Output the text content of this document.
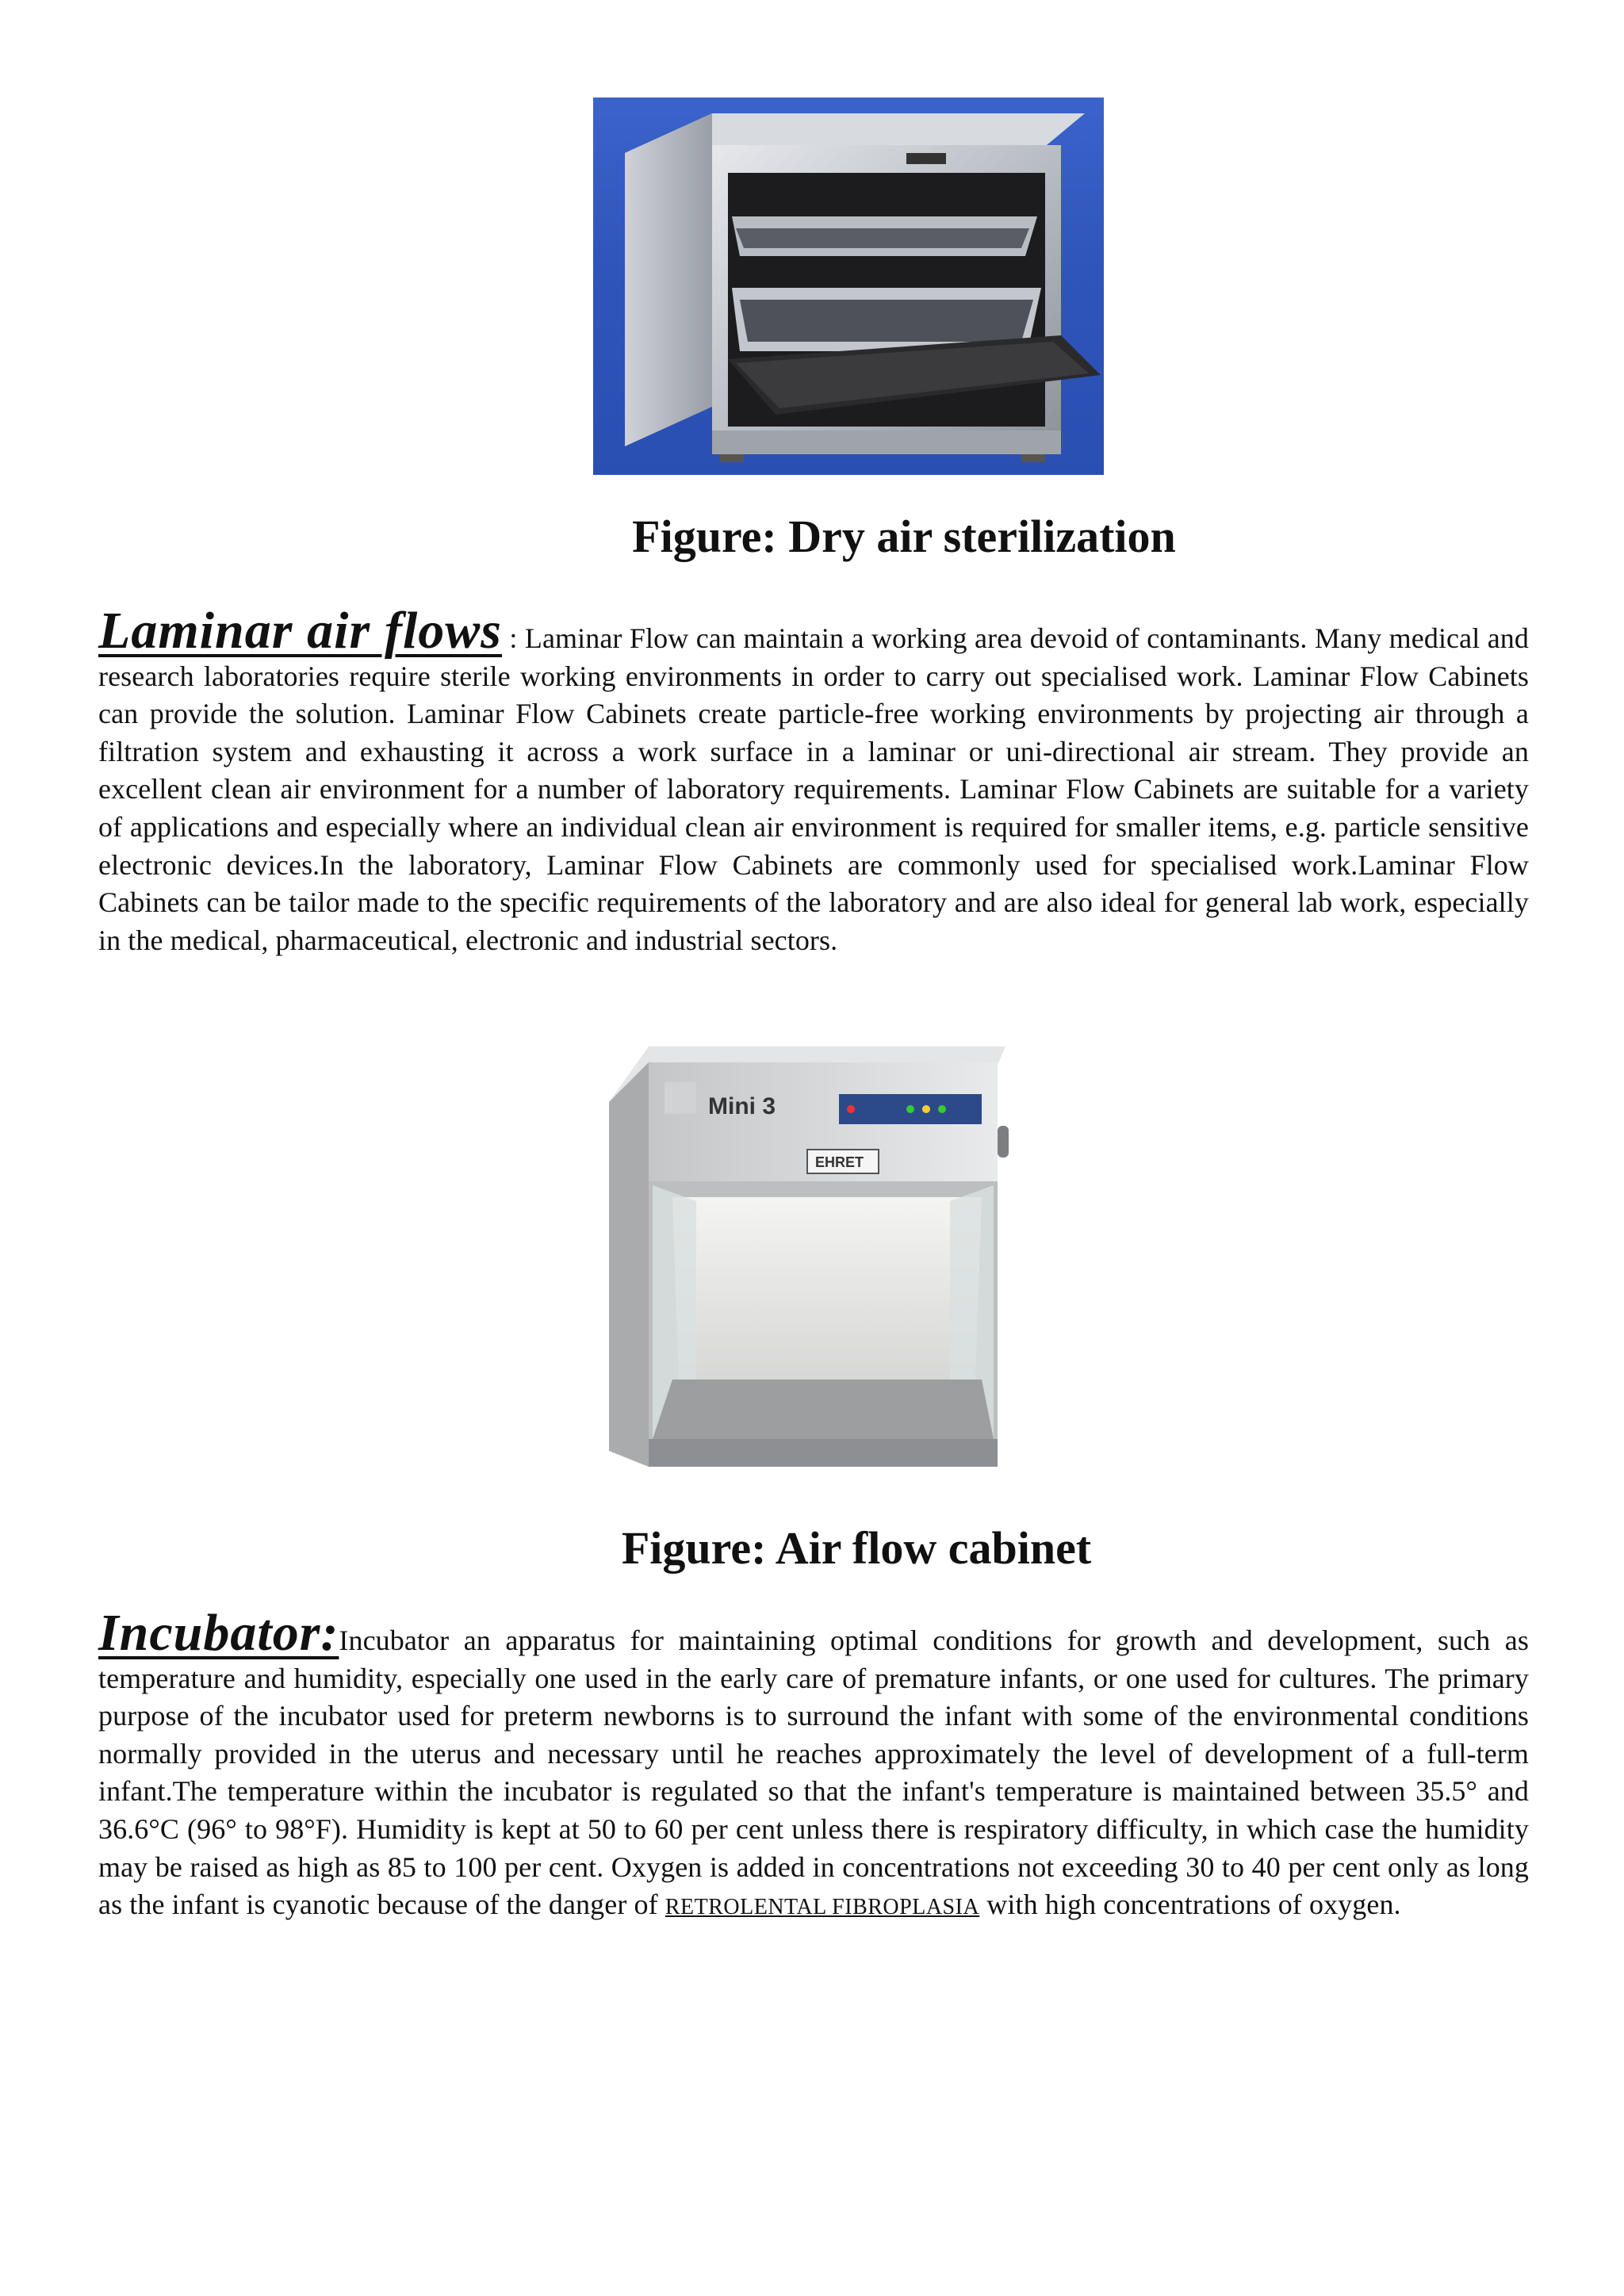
Figure: Dry air sterilization
Laminar air flows : Laminar Flow can maintain a working area devoid of contaminants. Many medical and research laboratories require sterile working environments in order to carry out specialised work. Laminar Flow Cabinets can provide the solution. Laminar Flow Cabinets create particle-free working environments by projecting air through a filtration system and exhausting it across a work surface in a laminar or uni-directional air stream. They provide an excellent clean air environment for a number of laboratory requirements. Laminar Flow Cabinets are suitable for a variety of applications and especially where an individual clean air environment is required for smaller items, e.g. particle sensitive electronic devices.In the laboratory, Laminar Flow Cabinets are commonly used for specialised work.Laminar Flow Cabinets can be tailor made to the specific requirements of the laboratory and are also ideal for general lab work, especially in the medical, pharmaceutical, electronic and industrial sectors.
Mini 3
EHRET
Figure: Air flow cabinet
Incubator:Incubator an apparatus for maintaining optimal conditions for growth and development, such as temperature and humidity, especially one used in the early care of premature infants, or one used for cultures. The primary purpose of the incubator used for preterm newborns is to surround the infant with some of the environmental conditions normally provided in the uterus and necessary until he reaches approximately the level of development of a full-term infant.The temperature within the incubator is regulated so that the infant's temperature is maintained between 35.5° and 36.6°C (96° to 98°F). Humidity is kept at 50 to 60 per cent unless there is respiratory difficulty, in which case the humidity may be raised as high as 85 to 100 per cent. Oxygen is added in concentrations not exceeding 30 to 40 per cent only as long as the infant is cyanotic because of the danger of RETROLENTAL FIBROPLASIA with high concentrations of oxygen.
